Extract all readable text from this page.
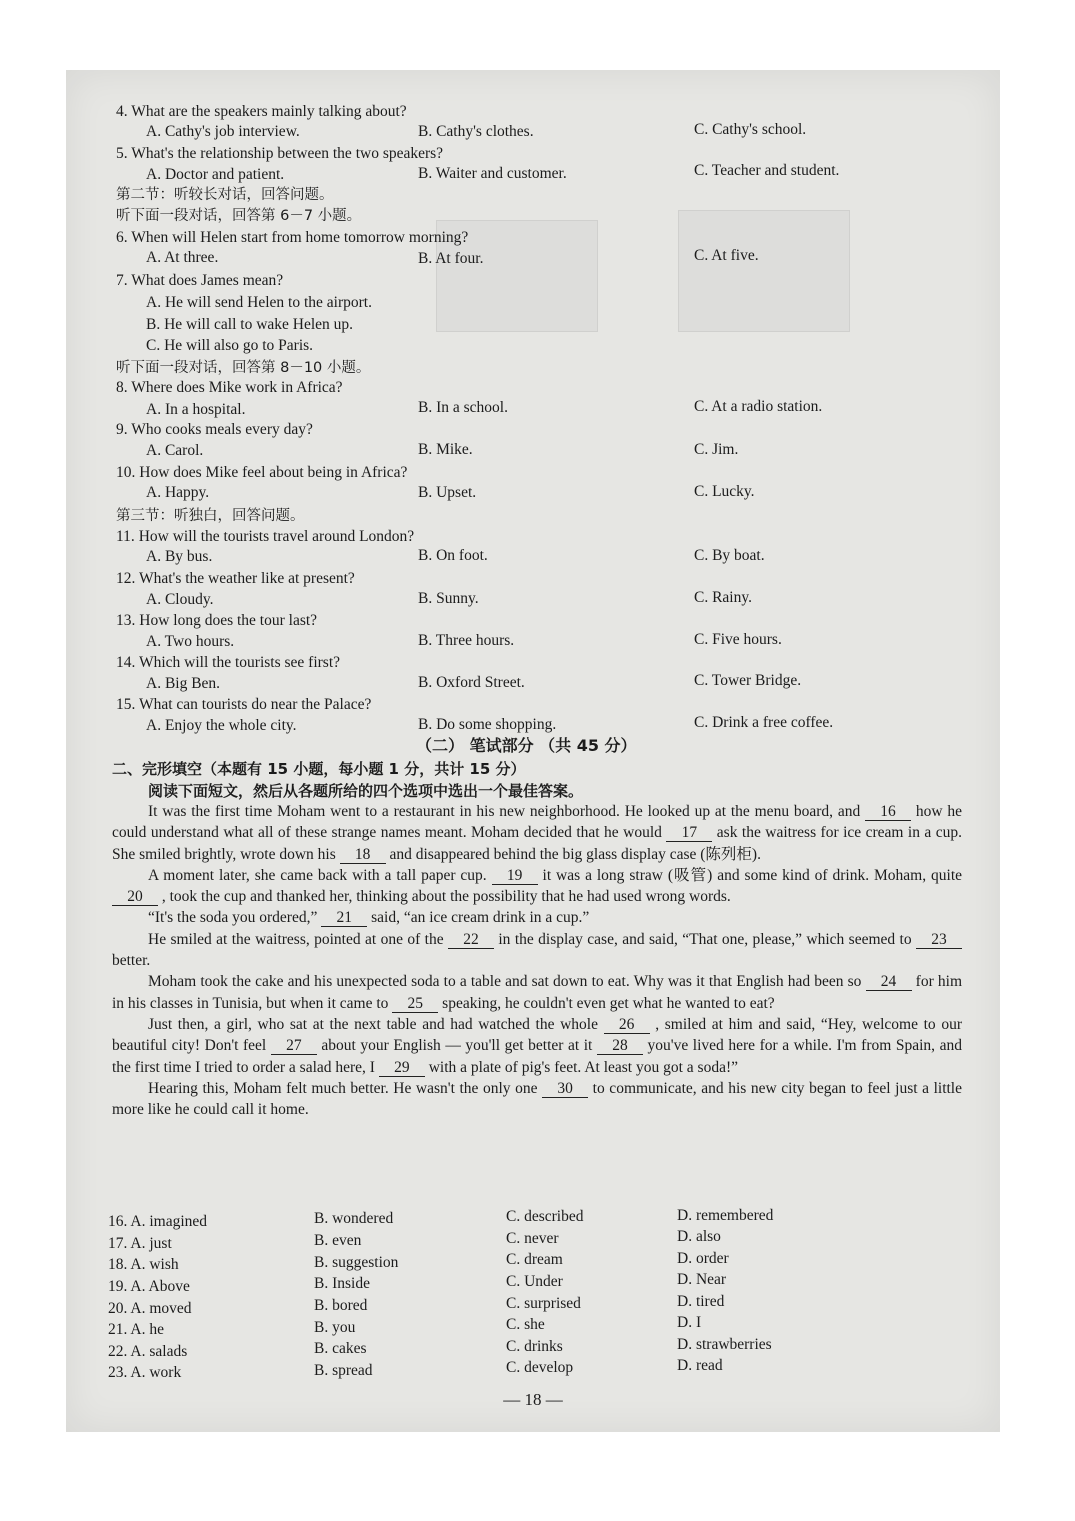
4. What are the speakers mainly talking about?
A. Cathy's job interview.	B. Cathy's clothes.	C. Cathy's school.
5. What's the relationship between the two speakers?
A. Doctor and patient.	B. Waiter and customer.	C. Teacher and student.
第二节：听较长对话，回答问题。
听下面一段对话，回答第 6－7 小题。
6. When will Helen start from home tomorrow morning?
A. At three.	B. At four.	C. At five.
7. What does James mean?
A. He will send Helen to the airport.
B. He will call to wake Helen up.
C. He will also go to Paris.
听下面一段对话，回答第 8－10 小题。
8. Where does Mike work in Africa?
A. In a hospital.	B. In a school.	C. At a radio station.
9. Who cooks meals every day?
A. Carol.	B. Mike.	C. Jim.
10. How does Mike feel about being in Africa?
A. Happy.	B. Upset.	C. Lucky.
第三节：听独白，回答问题。
11. How will the tourists travel around London?
A. By bus.	B. On foot.	C. By boat.
12. What's the weather like at present?
A. Cloudy.	B. Sunny.	C. Rainy.
13. How long does the tour last?
A. Two hours.	B. Three hours.	C. Five hours.
14. Which will the tourists see first?
A. Big Ben.	B. Oxford Street.	C. Tower Bridge.
15. What can tourists do near the Palace?
A. Enjoy the whole city.	B. Do some shopping.	C. Drink a free coffee.
（二） 笔试部分 （共 45 分）
二、完形填空（本题有 15 小题，每小题 1 分，共计 15 分）
阅读下面短文，然后从各题所给的四个选项中选出一个最佳答案。

It was the first time Moham went to a restaurant in his new neighborhood. He looked up at the menu board, and 16 how he could understand what all of these strange names meant. Moham decided that he would 17 ask the waitress for ice cream in a cup. She smiled brightly, wrote down his 18 and disappeared behind the big glass display case (陈列柜).

A moment later, she came back with a tall paper cup. 19 it was a long straw (吸管) and some kind of drink. Moham, quite 20 , took the cup and thanked her, thinking about the possibility that he had used wrong words.

“It's the soda you ordered,” 21 said, “an ice cream drink in a cup.”

He smiled at the waitress, pointed at one of the 22 in the display case, and said, “That one, please,” which seemed to 23 better.

Moham took the cake and his unexpected soda to a table and sat down to eat. Why was it that English had been so 24 for him in his classes in Tunisia, but when it came to 25 speaking, he couldn't even get what he wanted to eat?

Just then, a girl, who sat at the next table and had watched the whole 26 , smiled at him and said, “Hey, welcome to our beautiful city! Don't feel 27 about your English — you'll get better at it 28 you've lived here for a while. I'm from Spain, and the first time I tried to order a salad here, I 29 with a plate of pig's feet. At least you got a soda!”

Hearing this, Moham felt much better. He wasn't the only one 30 to communicate, and his new city began to feel just a little more like he could call it home.

16. A. imagined	B. wondered	C. described	D. remembered
17. A. just	B. even	C. never	D. also
18. A. wish	B. suggestion	C. dream	D. order
19. A. Above	B. Inside	C. Under	D. Near
20. A. moved	B. bored	C. surprised	D. tired
21. A. he	B. you	C. she	D. I
22. A. salads	B. cakes	C. drinks	D. strawberries
23. A. work	B. spread	C. develop	D. read
— 18 —
